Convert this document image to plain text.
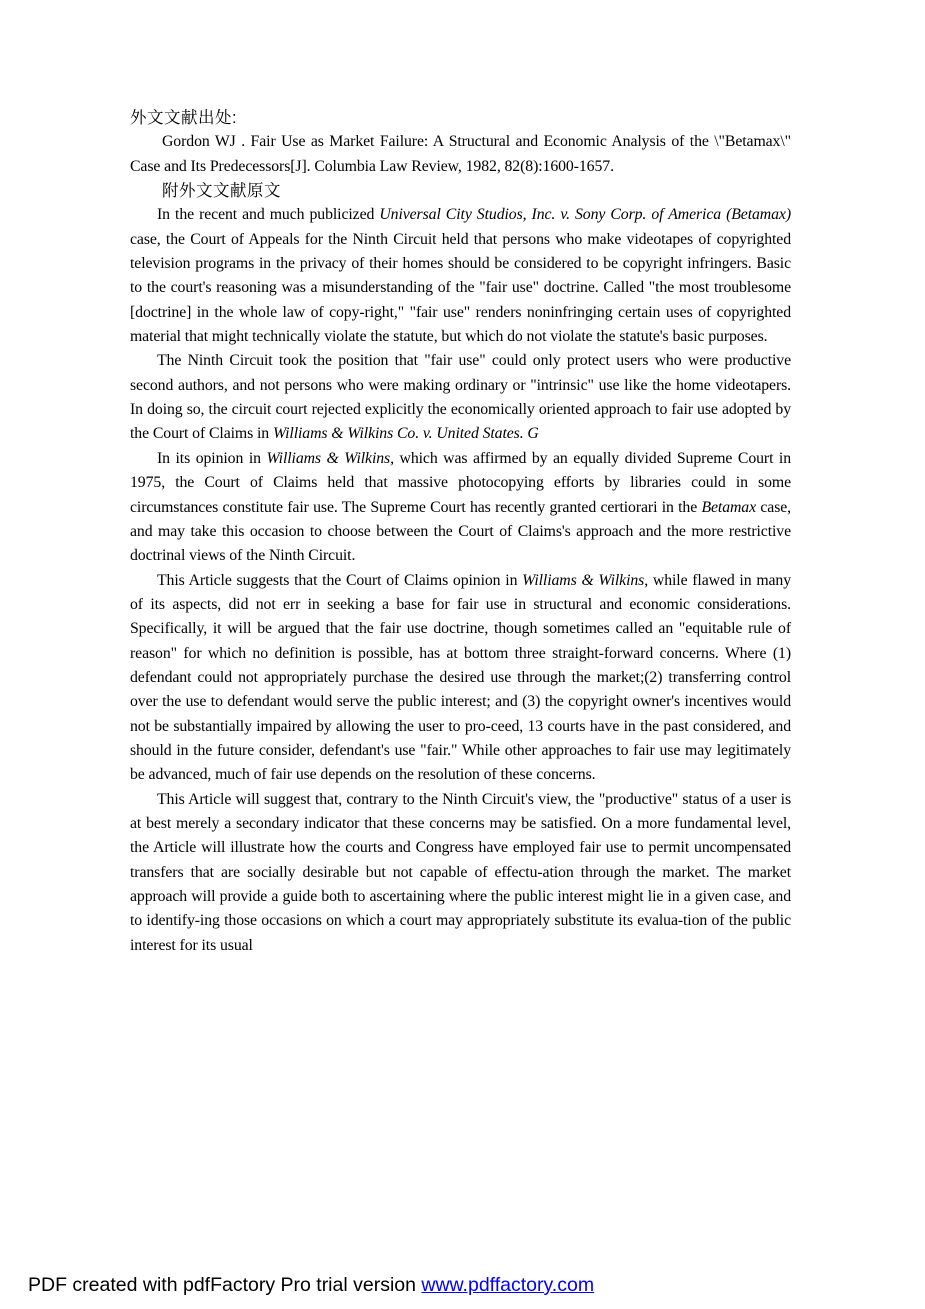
外文文献出处:

Gordon WJ . Fair Use as Market Failure: A Structural and Economic Analysis of the \"Betamax\" Case and Its Predecessors[J]. Columbia Law Review, 1982, 82(8):1600-1657.

附外文文献原文

In the recent and much publicized Universal City Studios, Inc. v. Sony Corp. of America (Betamax) case, the Court of Appeals for the Ninth Circuit held that persons who make videotapes of copyrighted television programs in the privacy of their homes should be considered to be copyright infringers. Basic to the court's reasoning was a misunderstanding of the "fair use" doctrine. Called "the most troublesome [doctrine] in the whole law of copy-right," "fair use" renders noninfringing certain uses of copyrighted material that might technically violate the statute, but which do not violate the statute's basic purposes.

The Ninth Circuit took the position that "fair use" could only protect users who were productive second authors, and not persons who were making ordinary or "intrinsic" use like the home videotapers. In doing so, the circuit court rejected explicitly the economically oriented approach to fair use adopted by the Court of Claims in Williams & Wilkins Co. v. United States. G

In its opinion in Williams & Wilkins, which was affirmed by an equally divided Supreme Court in 1975, the Court of Claims held that massive photocopying efforts by libraries could in some circumstances constitute fair use. The Supreme Court has recently granted certiorari in the Betamax case, and may take this occasion to choose between the Court of Claims's approach and the more restrictive doctrinal views of the Ninth Circuit.

This Article suggests that the Court of Claims opinion in Williams & Wilkins, while flawed in many of its aspects, did not err in seeking a base for fair use in structural and economic considerations. Specifically, it will be argued that the fair use doctrine, though sometimes called an "equitable rule of reason" for which no definition is possible, has at bottom three straight-forward concerns. Where (1) defendant could not appropriately purchase the desired use through the market;(2) transferring control over the use to defendant would serve the public interest; and (3) the copyright owner's incentives would not be substantially impaired by allowing the user to pro-ceed, 13 courts have in the past considered, and should in the future consider, defendant's use "fair." While other approaches to fair use may legitimately be advanced, much of fair use depends on the resolution of these concerns.

This Article will suggest that, contrary to the Ninth Circuit's view, the "productive" status of a user is at best merely a secondary indicator that these concerns may be satisfied. On a more fundamental level, the Article will illustrate how the courts and Congress have employed fair use to permit uncompensated transfers that are socially desirable but not capable of effectu-ation through the market. The market approach will provide a guide both to ascertaining where the public interest might lie in a given case, and to identify-ing those occasions on which a court may appropriately substitute its evalua-tion of the public interest for its usual

PDF created with pdfFactory Pro trial version www.pdffactory.com
